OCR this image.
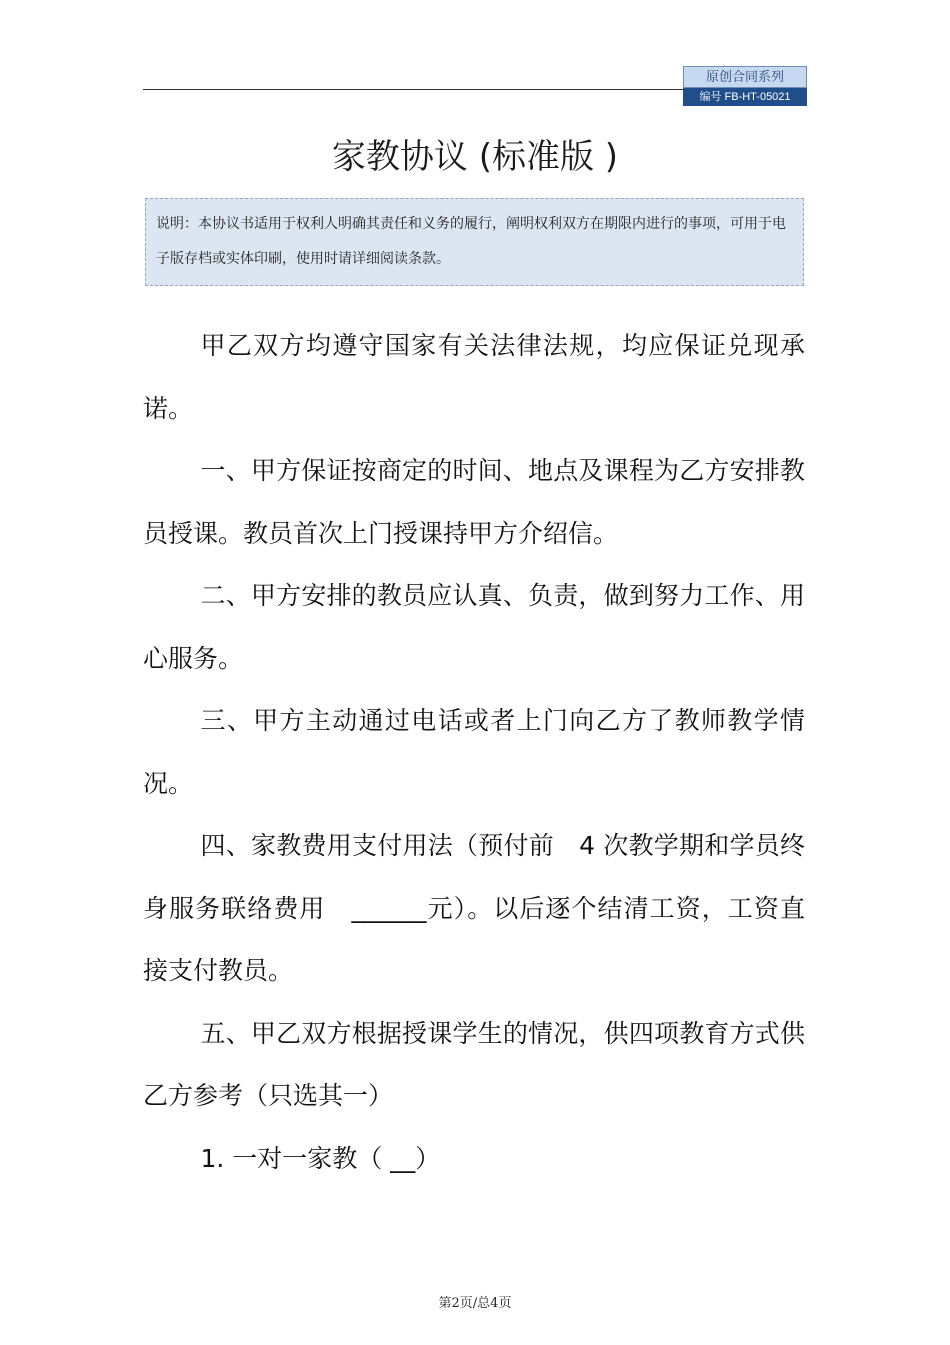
原创合同系列
编号 FB-HT-05021
家教协议 (标准版 )
说明：本协议书适用于权利人明确其责任和义务的履行，阐明权利双方在期限内进行的事项，可用于电子版存档或实体印刷，使用时请详细阅读条款。

甲乙双方均遵守国家有关法律法规，均应保证兑现承诺。

一、甲方保证按商定的时间、地点及课程为乙方安排教员授课。教员首次上门授课持甲方介绍信。

二、甲方安排的教员应认真、负责，做到努力工作、用心服务。

三、甲方主动通过电话或者上门向乙方了教师教学情况。

四、家教费用支付用法（预付前　4 次教学期和学员终身服务联络费用　______元）。以后逐个结清工资，工资直接支付教员。

五、甲乙双方根据授课学生的情况，供四项教育方式供乙方参考（只选其一）

1. 一对一家教（ __）

第2页/总4页
